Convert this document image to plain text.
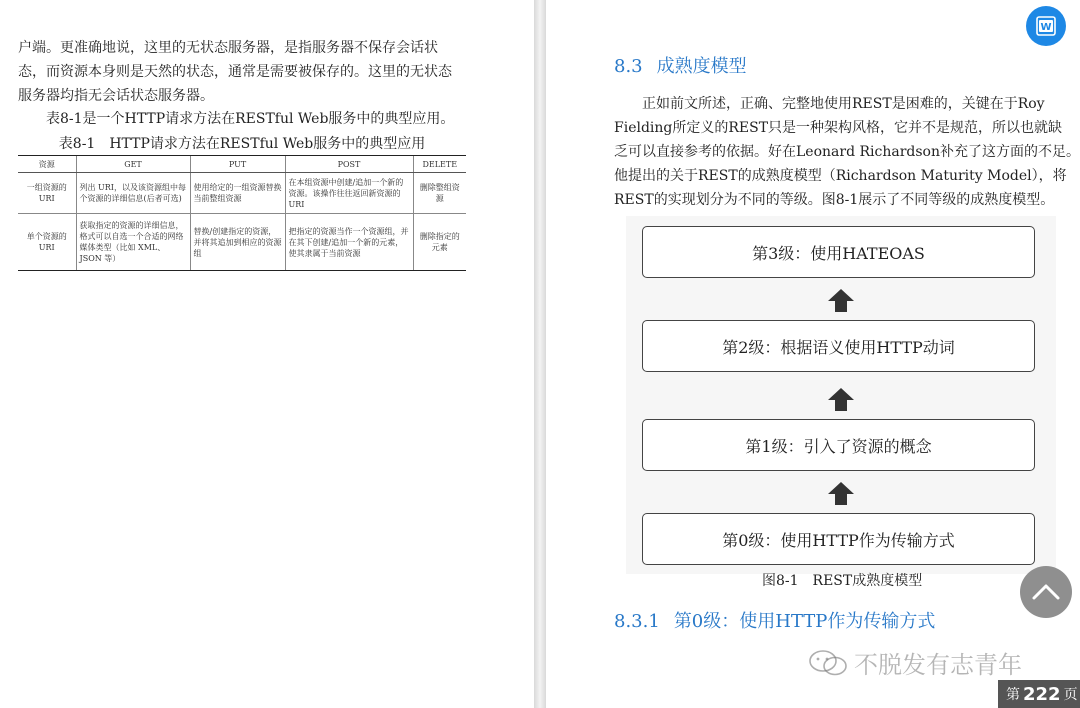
户端。更准确地说，这里的无状态服务器，是指服务器不保存会话状
态，而资源本身则是天然的状态，通常是需要被保存的。这里的无状态
服务器均指无会话状态服务器。

表8-1是一个HTTP请求方法在RESTful Web服务中的典型应用。

表8-1　HTTP请求方法在RESTful Web服务中的典型应用
资源	GET	PUT	POST	DELETE
一组资源的URI	列出 URI，以及该资源组中每个资源的详细信息(后者可选)	使用给定的一组资源替换当前整组资源	在本组资源中创建/追加一个新的资源。该操作往往返回新资源的 URI	删除整组资源
单个资源的URI	获取指定的资源的详细信息，格式可以自选一个合适的网络媒体类型（比如 XML、JSON 等）	替换/创建指定的资源，并将其追加到相应的资源组	把指定的资源当作一个资源组，并在其下创建/追加一个新的元素，使其隶属于当前资源	删除指定的元素
8.3 成熟度模型

正如前文所述，正确、完整地使用REST是困难的，关键在于Roy
Fielding所定义的REST只是一种架构风格，它并不是规范，所以也就缺
乏可以直接参考的依据。好在Leonard Richardson补充了这方面的不足。
他提出的关于REST的成熟度模型（Richardson Maturity Model），将
REST的实现划分为不同的等级。图8-1展示了不同等级的成熟度模型。

第3级：使用HATEOAS
第2级：根据语义使用HTTP动词
第1级：引入了资源的概念
第0级：使用HTTP作为传输方式
图8-1　REST成熟度模型
8.3.1 第0级：使用HTTP作为传输方式
W
不脱发有志青年
第 222 页
